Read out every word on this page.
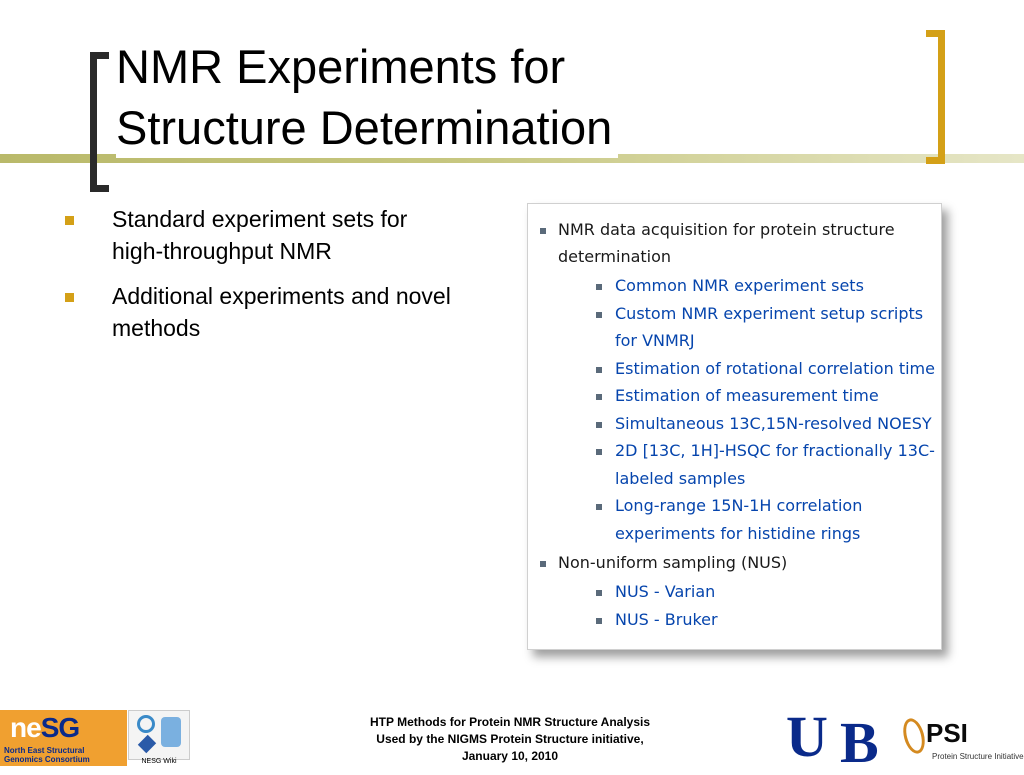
NMR Experiments for
Structure Determination
Standard experiment sets for high-throughput NMR
Additional experiments and novel methods
NMR data acquisition for protein structure determination
Common NMR experiment sets
Custom NMR experiment setup scripts for VNMRJ
Estimation of rotational correlation time
Estimation of measurement time
Simultaneous 13C,15N-resolved NOESY
2D [13C, 1H]-HSQC for fractionally 13C-labeled samples
Long-range 15N-1H correlation experiments for histidine rings
Non-uniform sampling (NUS)
NUS - Varian
NUS - Bruker
neSG
North East Structural
Genomics Consortium	NESG Wiki
HTP Methods for Protein NMR Structure Analysis
Used by the NIGMS Protein Structure initiative,
January 10, 2010	U B PSI
Protein Structure Initiative
